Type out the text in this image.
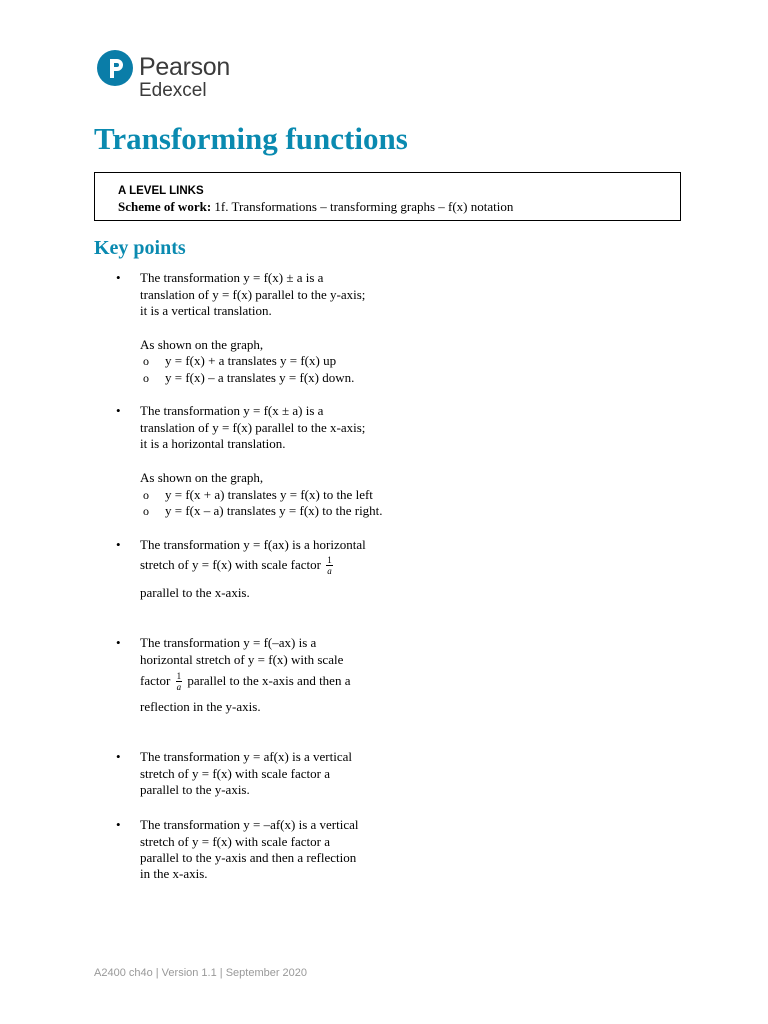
Pearson
Edexcel
Transforming functions
A LEVEL LINKS
Scheme of work: 1f. Transformations – transforming graphs – f(x) notation
Key points
• The transformation y = f(x) ± a is a
translation of y = f(x) parallel to the y-axis;
it is a vertical translation.
As shown on the graph,
o y = f(x) + a translates y = f(x) up
o y = f(x) – a translates y = f(x) down.
• The transformation y = f(x ± a) is a
translation of y = f(x) parallel to the x-axis;
it is a horizontal translation.
As shown on the graph,
o y = f(x + a) translates y = f(x) to the left
o y = f(x – a) translates y = f(x) to the right.
• The transformation y = f(ax) is a horizontal
stretch of y = f(x) with scale factor $\frac{1}{a}$
parallel to the x-axis.
• The transformation y = f(–ax) is a
horizontal stretch of y = f(x) with scale
factor $\frac{1}{a}$ parallel to the x-axis and then a
reflection in the y-axis.
• The transformation y = af(x) is a vertical
stretch of y = f(x) with scale factor a
parallel to the y-axis.
• The transformation y = –af(x) is a vertical
stretch of y = f(x) with scale factor a
parallel to the y-axis and then a reflection
in the x-axis.
A2400 ch4o | Version 1.1 | September 2020
